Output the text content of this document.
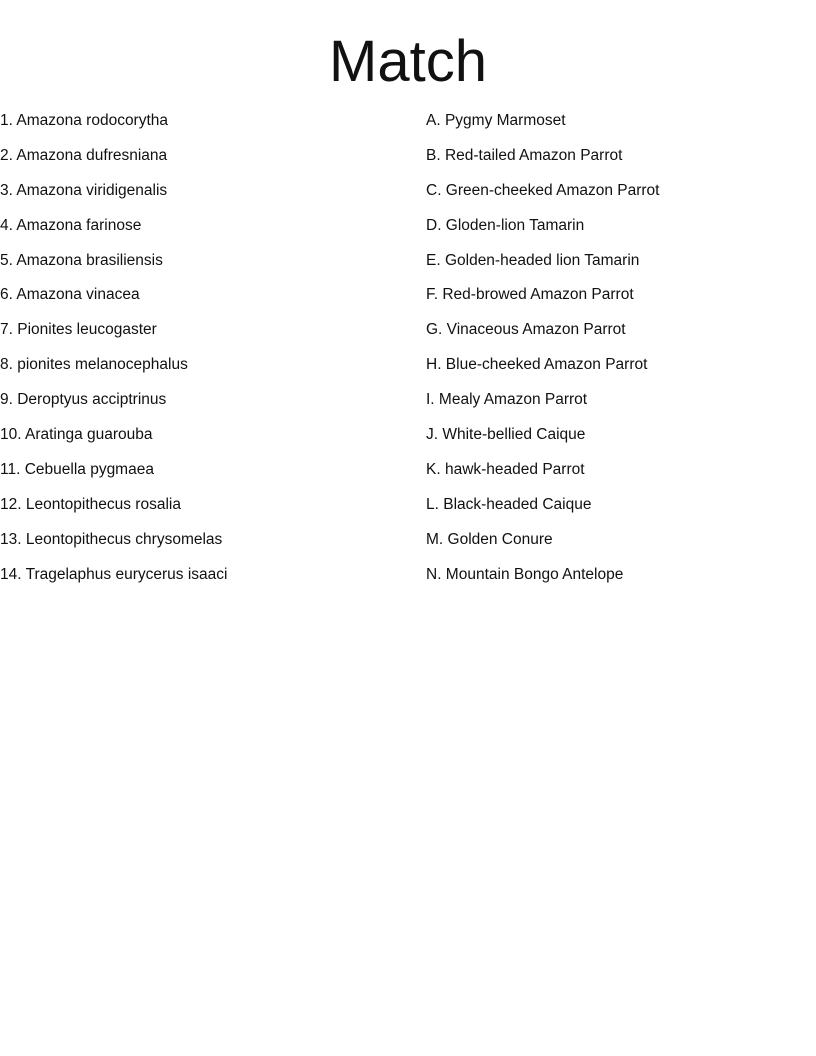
Match
1. Amazona rodocorytha
2. Amazona dufresniana
3. Amazona viridigenalis
4. Amazona farinose
5. Amazona brasiliensis
6. Amazona vinacea
7. Pionites leucogaster
8. pionites melanocephalus
9. Deroptyus acciptrinus
10. Aratinga guarouba
11. Cebuella pygmaea
12. Leontopithecus rosalia
13. Leontopithecus chrysomelas
14. Tragelaphus eurycerus isaaci
A. Pygmy Marmoset
B. Red-tailed Amazon Parrot
C. Green-cheeked Amazon Parrot
D. Gloden-lion Tamarin
E. Golden-headed lion Tamarin
F. Red-browed Amazon Parrot
G. Vinaceous Amazon Parrot
H. Blue-cheeked Amazon Parrot
I. Mealy Amazon Parrot
J. White-bellied Caique
K. hawk-headed Parrot
L. Black-headed Caique
M. Golden Conure
N. Mountain Bongo Antelope
